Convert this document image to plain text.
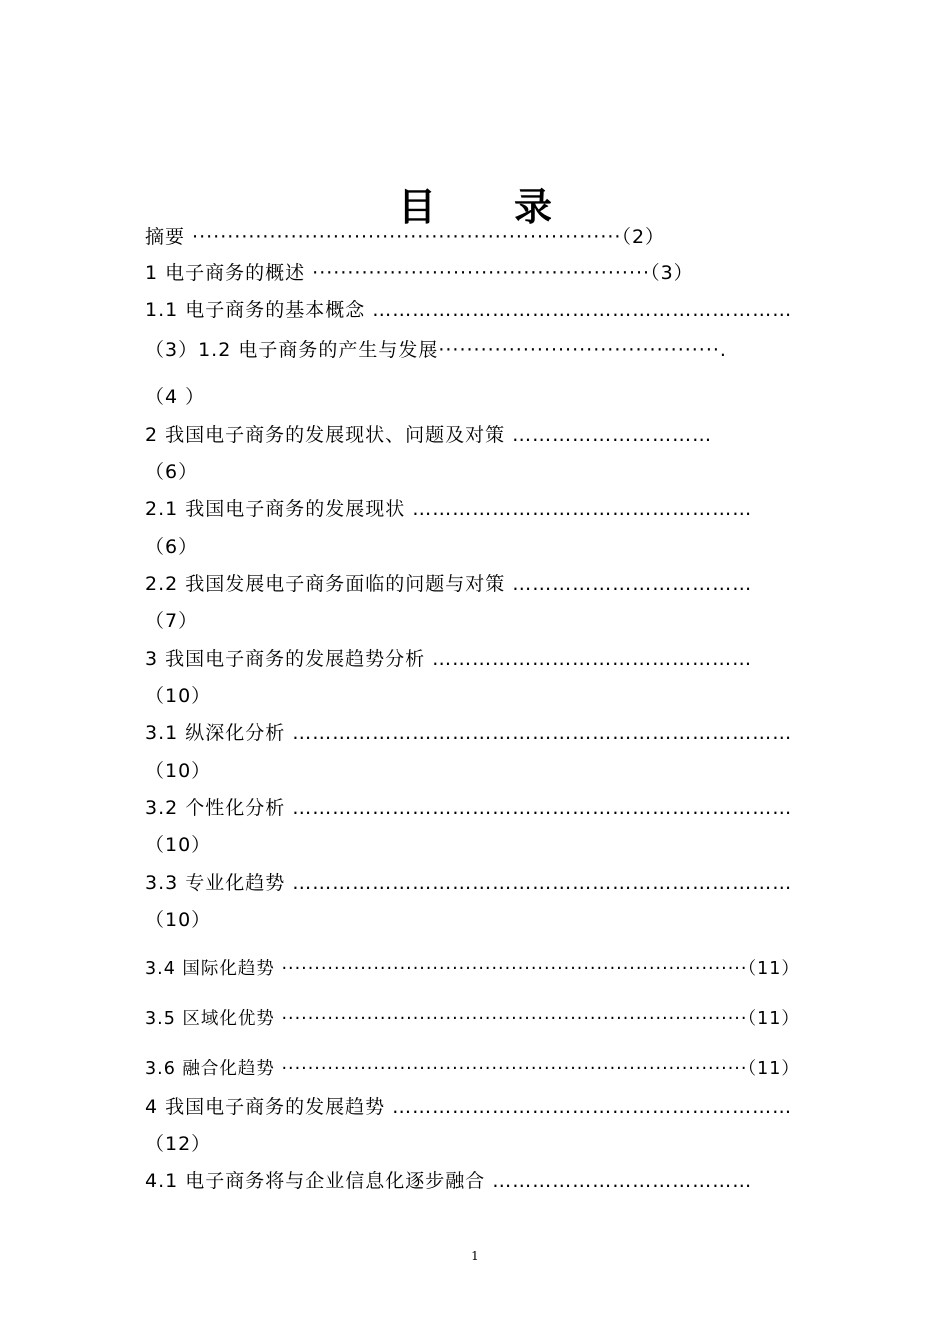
目 录
摘要 ·····························································（2）
1 电子商务的概述 ················································（3）
1.1 电子商务的基本概念 ………………………………………………………
（3）1.2 电子商务的产生与发展········································.
（4 ）
2 我国电子商务的发展现状、问题及对策 …………………………
（6）
2.1 我国电子商务的发展现状 ……………………………………………
（6）
2.2 我国发展电子商务面临的问题与对策 ………………………………
（7）
3 我国电子商务的发展趋势分析 …………………………………………
（10）
3.1 纵深化分析 …………………………………………………………………
（10）
3.2 个性化分析 …………………………………………………………………
（10）
3.3 专业化趋势 …………………………………………………………………
（10）
3.4 国际化趋势 ·······································································（11）
3.5 区域化优势 ·······································································（11）
3.6 融合化趋势 ·······································································（11）
4 我国电子商务的发展趋势 ……………………………………………………
（12）
4.1 电子商务将与企业信息化逐步融合 …………………………………
1
